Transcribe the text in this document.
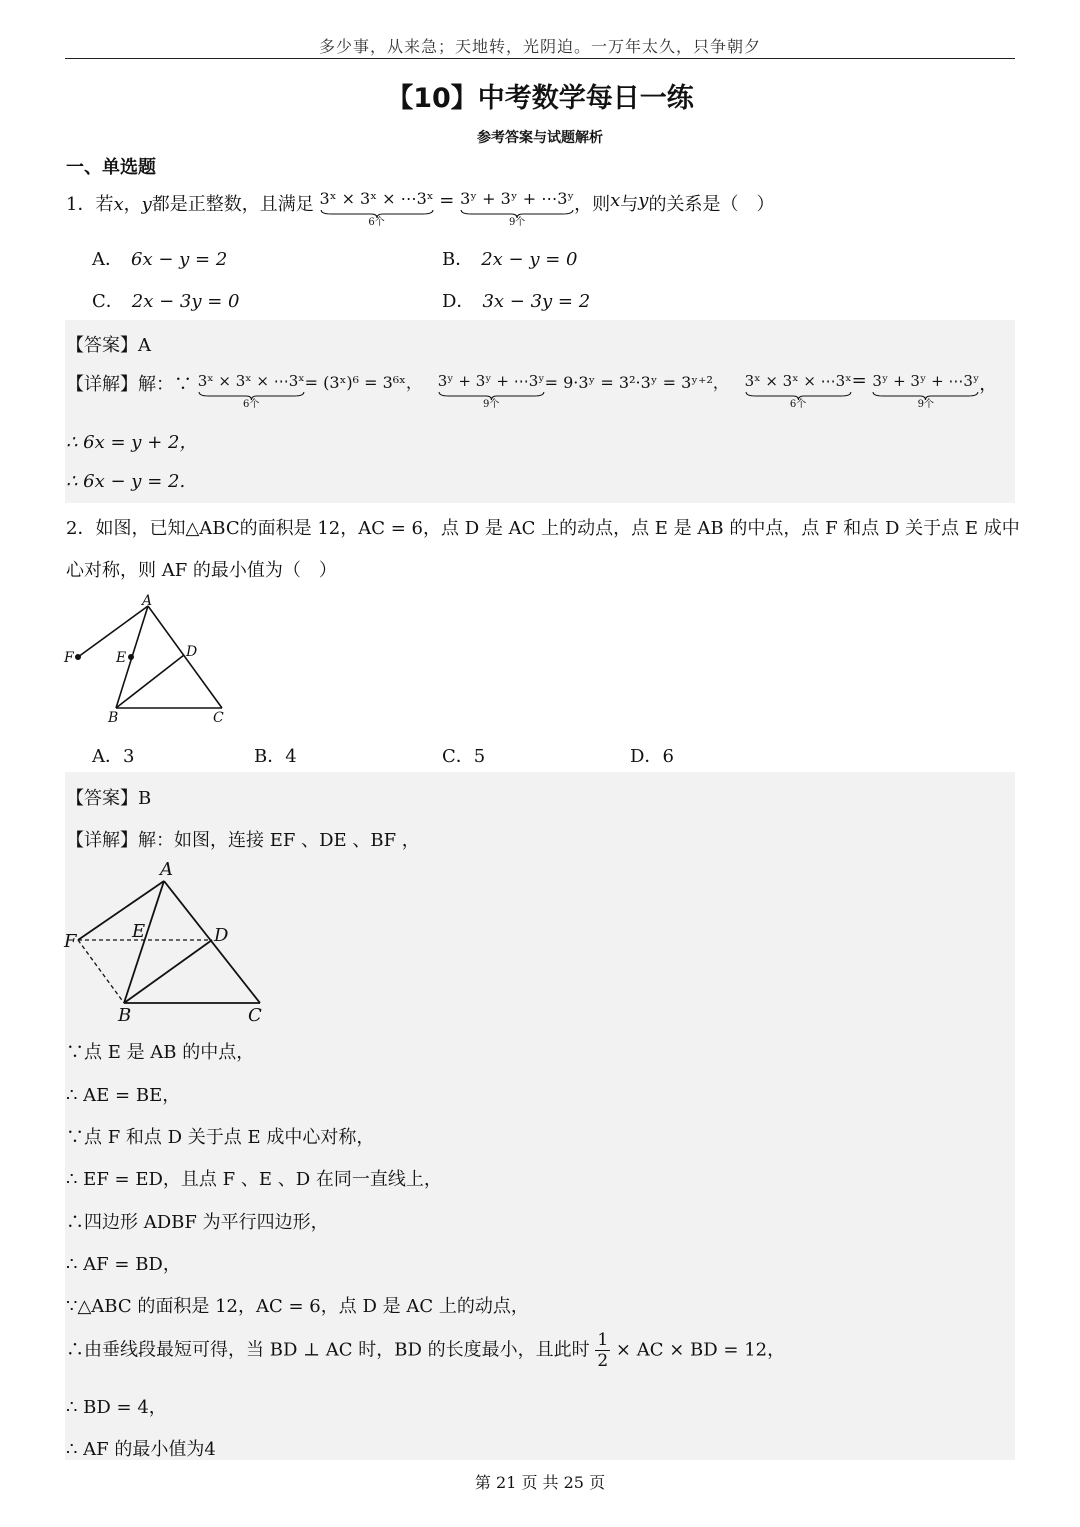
多少事，从来急；天地转，光阴迫。一万年太久，只争朝夕
【10】中考数学每日一练
参考答案与试题解析
一、单选题
1．若x，y都是正整数，且满足 3ˣ × 3ˣ × ⋯3ˣ
6个
= 3ʸ + 3ʸ + ⋯3ʸ
9个
，则x与y的关系是（　）
A． 6x − y = 2	B． 2x − y = 0
C． 2x − 3y = 0	D． 3x − 3y = 2
【答案】A
【详解】解：∵ 3ˣ × 3ˣ × ⋯3ˣ
6个
= (3ˣ)⁶ = 3⁶ˣ， 3ʸ + 3ʸ + ⋯3ʸ
9个
= 9·3ʸ = 3²·3ʸ = 3ʸ⁺²， 3ˣ × 3ˣ × ⋯3ˣ
6个
= 3ʸ + 3ʸ + ⋯3ʸ
9个
，
∴ 6x = y + 2，
∴ 6x − y = 2.
2．如图，已知△ABC的面积是 12，AC = 6，点 D 是 AC 上的动点，点 E 是 AB 的中点，点 F 和点 D 关于点 E 成中
心对称，则 AF 的最小值为（　）
A
F	E	D
B	C
A．3	B．4	C．5	D．6
【答案】B
【详解】解：如图，连接 EF 、DE 、BF ，
A
F	E	D
B	C
∵点 E 是 AB 的中点，
∴ AE = BE，
∵点 F 和点 D 关于点 E 成中心对称，
∴ EF = ED，且点 F 、E 、D 在同一直线上，
∴四边形 ADBF 为平行四边形，
∴ AF = BD，
∵△ABC 的面积是 12，AC = 6，点 D 是 AC 上的动点，
∴由垂线段最短可得，当 BD ⊥ AC 时，BD 的长度最小，且此时 $\frac{1}{2}$ × AC × BD = 12，
∴ BD = 4，
∴ AF 的最小值为4
第 21 页 共 25 页
